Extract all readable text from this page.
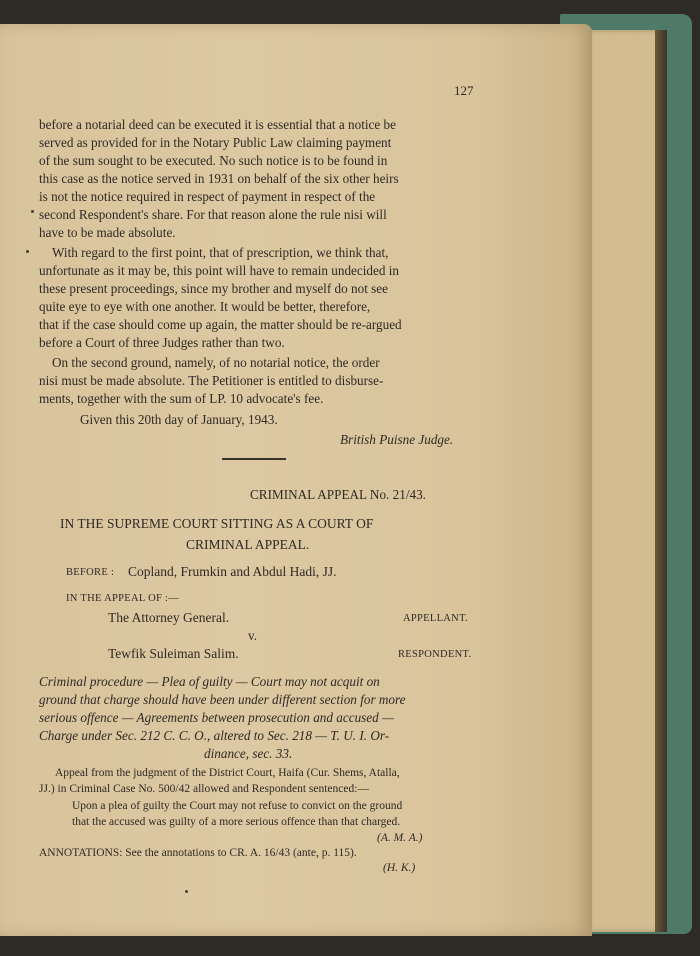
127
before a notarial deed can be executed it is essential that a notice be
served as provided for in the Notary Public Law claiming payment
of the sum sought to be executed. No such notice is to be found in
this case as the notice served in 1931 on behalf of the six other heirs
is not the notice required in respect of payment in respect of the
second Respondent's share. For that reason alone the rule nisi will
have to be made absolute.
With regard to the first point, that of prescription, we think that,
unfortunate as it may be, this point will have to remain undecided in
these present proceedings, since my brother and myself do not see
quite eye to eye with one another. It would be better, therefore,
that if the case should come up again, the matter should be re-argued
before a Court of three Judges rather than two.
On the second ground, namely, of no notarial notice, the order
nisi must be made absolute. The Petitioner is entitled to disburse-
ments, together with the sum of LP. 10 advocate's fee.
Given this 20th day of January, 1943.
British Puisne Judge.
CRIMINAL APPEAL No. 21/43.
IN THE SUPREME COURT SITTING AS A COURT OF
CRIMINAL APPEAL.
BEFORE : Copland, Frumkin and Abdul Hadi, JJ.
IN THE APPEAL OF :—
The Attorney General.	APPELLANT.
v.
Tewfik Suleiman Salim.	RESPONDENT.
Criminal procedure — Plea of guilty — Court may not acquit on
ground that charge should have been under different section for more
serious offence — Agreements between prosecution and accused —
Charge under Sec. 212 C. C. O., altered to Sec. 218 — T. U. I. Or-
dinance, sec. 33.
Appeal from the judgment of the District Court, Haifa (Cur. Shems, Atalla,
JJ.) in Criminal Case No. 500/42 allowed and Respondent sentenced:—
Upon a plea of guilty the Court may not refuse to convict on the ground
that the accused was guilty of a more serious offence than that charged.
(A. M. A.)
ANNOTATIONS: See the annotations to CR. A. 16/43 (ante, p. 115).
(H. K.)
